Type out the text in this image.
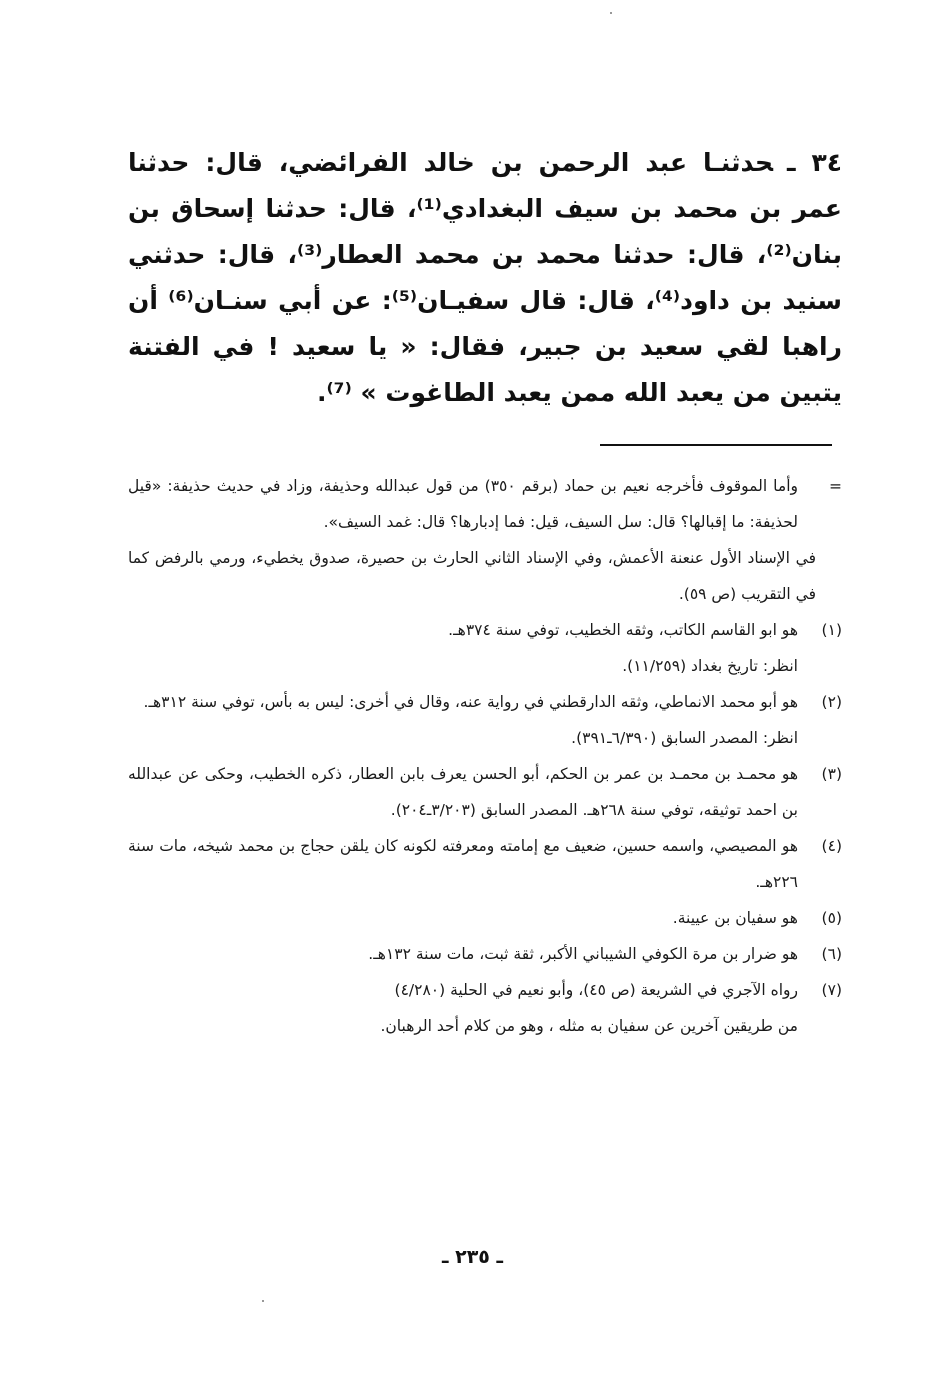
٣٤ ـحدثنـا عبد الرحمن بن خالد الفرائضي، قال: حدثنا عمر بن محمد بن سيف البغدادي⁽¹⁾، قال: حدثنا إسحاق بن بنان⁽²⁾، قال: حدثنا محمد بن محمد العطار⁽³⁾، قال: حدثني سنيد بن داود⁽⁴⁾، قال: قال سفيـان⁽⁵⁾: عن أبي سنـان⁽⁶⁾ أن راهبا لقي سعيد بن جبير، فقال: « يا سعيد ! في الفتنة يتبين من يعبد الله ممن يعبد الطاغوت » ⁽⁷⁾.
=
وأما الموقوف فأخرجه نعيم بن حماد (برقم ٣٥٠) من قول عبدالله وحذيفة، وزاد في حديث حذيفة: «قيل لحذيفة: ما إقبالها؟ قال: سل السيف، قيل: فما إدبارها؟ قال: غمد السيف».
في الإسناد الأول عنعنة الأعمش، وفي الإسناد الثاني الحارث بن حصيرة، صدوق يخطيء، ورمي بالرفض كما في التقريب (ص ٥٩).
(١)
هو ابو القاسم الكاتب، وثقه الخطيب، توفي سنة ٣٧٤هـ.
انظر: تاريخ بغداد (١١/٢٥٩).
(٢)
هو أبو محمد الانماطي، وثقه الدارقطني في رواية عنه، وقال في أخرى: ليس به بأس، توفي سنة ٣١٢هـ.
انظر: المصدر السابق (٦/٣٩٠ـ٣٩١).
(٣)
هو محمـد بن محمـد بن عمر بن الحكم، أبو الحسن يعرف بابن العطار، ذكره الخطيب، وحكى عن عبدالله بن احمد توثيقه، توفي سنة ٢٦٨هـ. المصدر السابق (٣/٢٠٣ـ٢٠٤).
(٤)
هو المصيصي، واسمه حسين، ضعيف مع إمامته ومعرفته لكونه كان يلقن حجاج بن محمد شيخه، مات سنة ٢٢٦هـ.
(٥)
هو سفيان بن عيينة.
(٦)
هو ضرار بن مرة الكوفي الشيباني الأكبر، ثقة ثبت، مات سنة ١٣٢هـ.
(٧)
رواه الآجري في الشريعة (ص ٤٥)، وأبو نعيم في الحلية (٤/٢٨٠)
من طريقين آخرين عن سفيان به مثله ، وهو من كلام أحد الرهبان.
ـ ٢٣٥ ـ
